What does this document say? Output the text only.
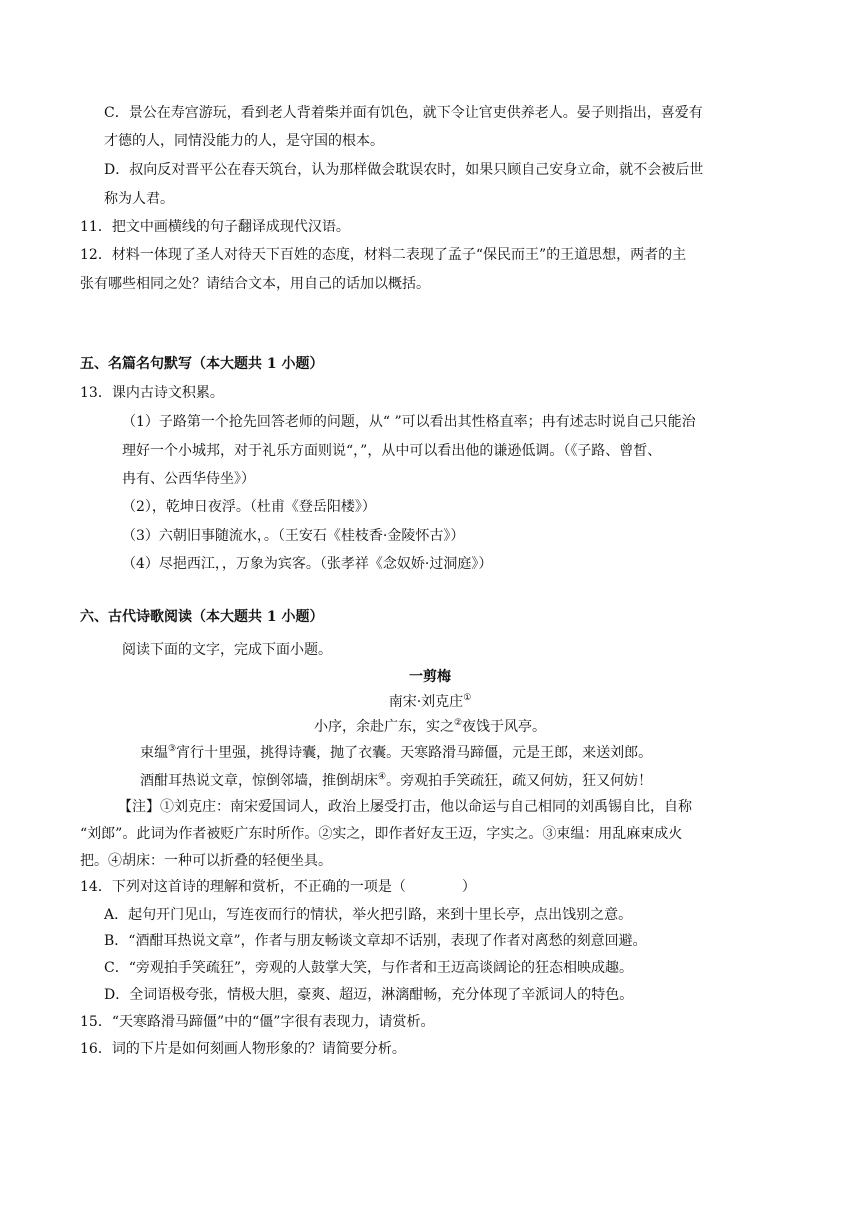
C．景公在寿宫游玩，看到老人背着柴并面有饥色，就下令让官吏供养老人。晏子则指出，喜爱有
才德的人，同情没能力的人，是守国的根本。
D．叔向反对晋平公在春天筑台，认为那样做会耽误农时，如果只顾自己安身立命，就不会被后世
称为人君。
11．把文中画横线的句子翻译成现代汉语。
12．材料一体现了圣人对待天下百姓的态度，材料二表现了孟子“保民而王”的王道思想，两者的主
张有哪些相同之处？请结合文本，用自己的话加以概括。
五、名篇名句默写（本大题共 1 小题）
13．课内古诗文积累。
（1）子路第一个抢先回答老师的问题，从“ ”可以看出其性格直率；冉有述志时说自己只能治
理好一个小城邦，对于礼乐方面则说“，”，从中可以看出他的谦逊低调。（《子路、曾皙、
冉有、公西华侍坐》）
（2），乾坤日夜浮。（杜甫《登岳阳楼》）
（3）六朝旧事随流水，。（王安石《桂枝香·金陵怀古》）
（4）尽挹西江，，万象为宾客。（张孝祥《念奴娇·过洞庭》）
六、古代诗歌阅读（本大题共 1 小题）
阅读下面的文字，完成下面小题。
一剪梅
南宋·刘克庄①
小序，余赴广东，实之②夜饯于风亭。
束缊③宵行十里强，挑得诗囊，抛了衣囊。天寒路滑马蹄僵，元是王郎，来送刘郎。
酒酣耳热说文章，惊倒邻墙，推倒胡床④。旁观拍手笑疏狂，疏又何妨，狂又何妨！
【注】①刘克庄：南宋爱国词人，政治上屡受打击，他以命运与自己相同的刘禹锡自比，自称
“刘郎”。此词为作者被贬广东时所作。②实之，即作者好友王迈，字实之。③束缊：用乱麻束成火
把。④胡床：一种可以折叠的轻便坐具。
14．下列对这首诗的理解和赏析，不正确的一项是（　　　　）
A．起句开门见山，写连夜而行的情状，举火把引路，来到十里长亭，点出饯别之意。
B．“酒酣耳热说文章”，作者与朋友畅谈文章却不话别，表现了作者对离愁的刻意回避。
C．“旁观拍手笑疏狂”，旁观的人鼓掌大笑，与作者和王迈高谈阔论的狂态相映成趣。
D．全词语极夸张，情极大胆，豪爽、超迈，淋漓酣畅，充分体现了辛派词人的特色。
15．“天寒路滑马蹄僵”中的“僵”字很有表现力，请赏析。
16．词的下片是如何刻画人物形象的？请简要分析。
